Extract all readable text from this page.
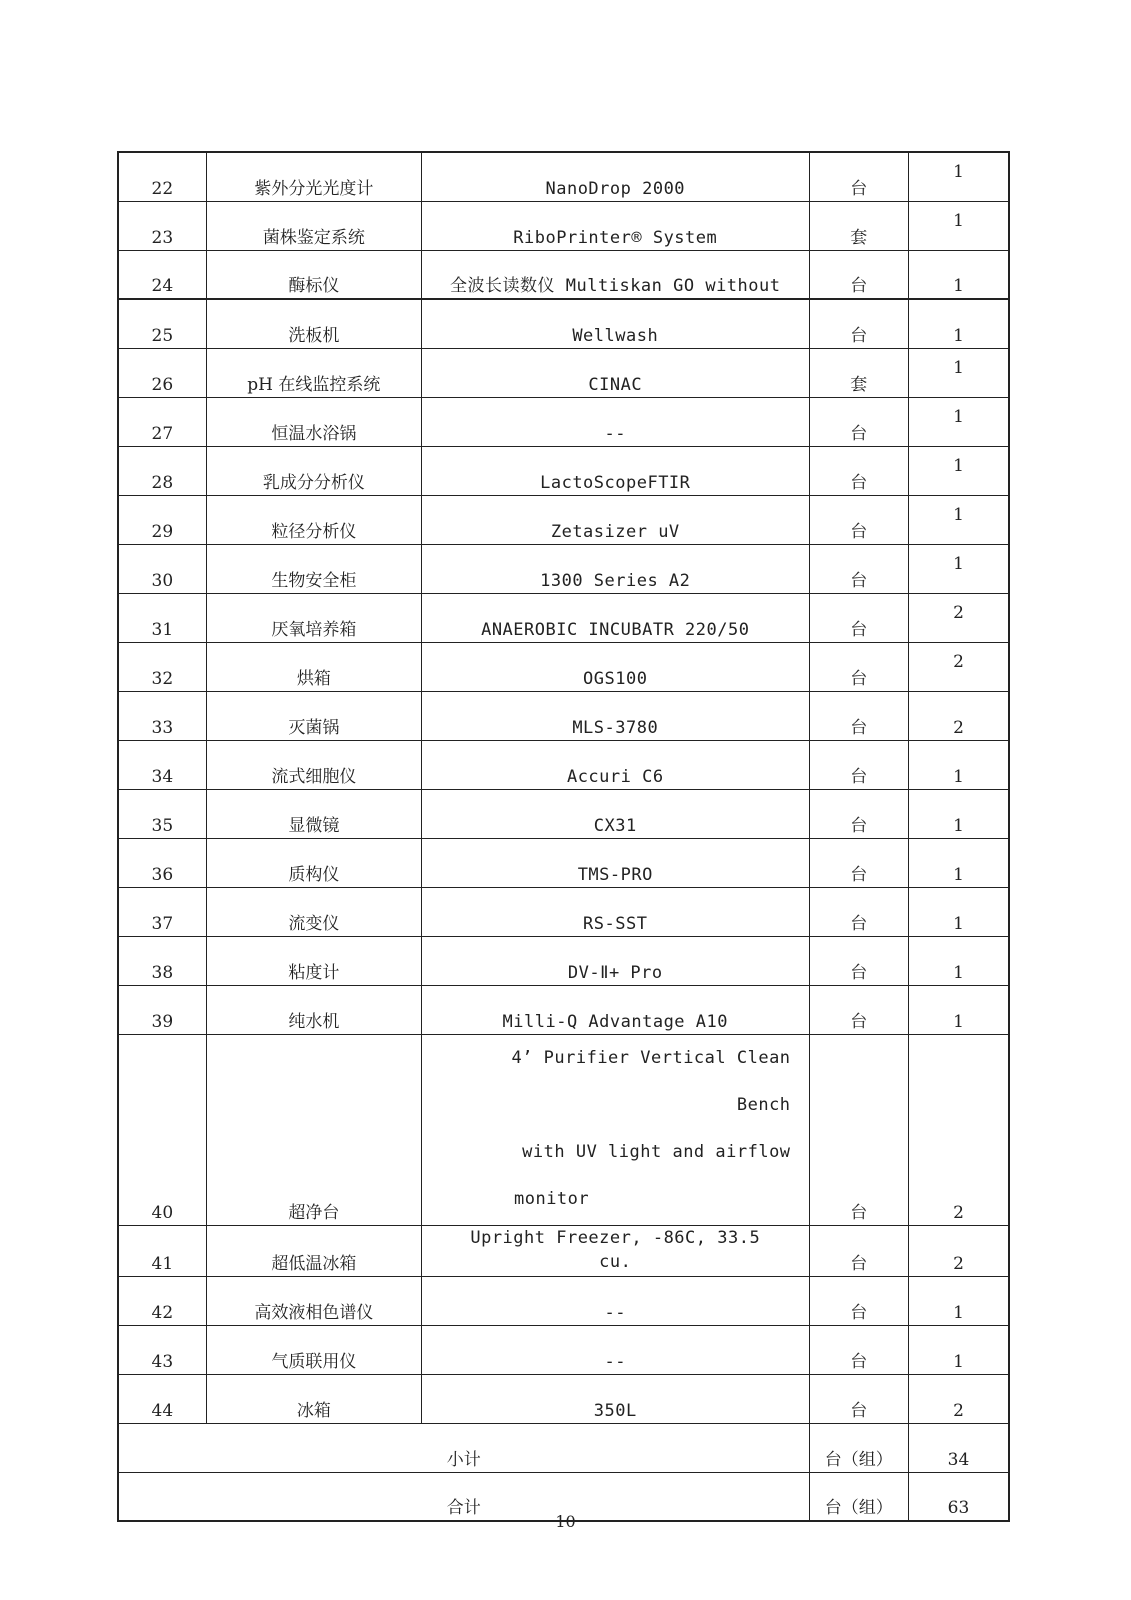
22	紫外分光光度计	NanoDrop 2000	台	1
23	菌株鉴定系统	RiboPrinter® System	套	1
24	酶标仪	全波长读数仪 Multiskan GO without	台	1
25	洗板机	Wellwash	台	1
26	pH 在线监控系统	CINAC	套	1
27	恒温水浴锅	--	台	1
28	乳成分分析仪	LactoScopeFTIR	台	1
29	粒径分析仪	Zetasizer uV	台	1
30	生物安全柜	1300 Series A2	台	1
31	厌氧培养箱	ANAEROBIC INCUBATR 220/50	台	2
32	烘箱	OGS100	台	2
33	灭菌锅	MLS-3780	台	2
34	流式细胞仪	Accuri C6	台	1
35	显微镜	CX31	台	1
36	质构仪	TMS-PRO	台	1
37	流变仪	RS-SST	台	1
38	粘度计	DV-Ⅱ+ Pro	台	1
39	纯水机	Milli-Q Advantage A10	台	1
40	超净台	4’ Purifier Vertical Clean Bench
with UV light and airflow
monitor	台	2
41	超低温冰箱	Upright Freezer, -86C, 33.5
cu.	台	2
42	高效液相色谱仪	--	台	1
43	气质联用仪	--	台	1
44	冰箱	350L	台	2
小计			台（组）	34
合计			台（组）	63
10
